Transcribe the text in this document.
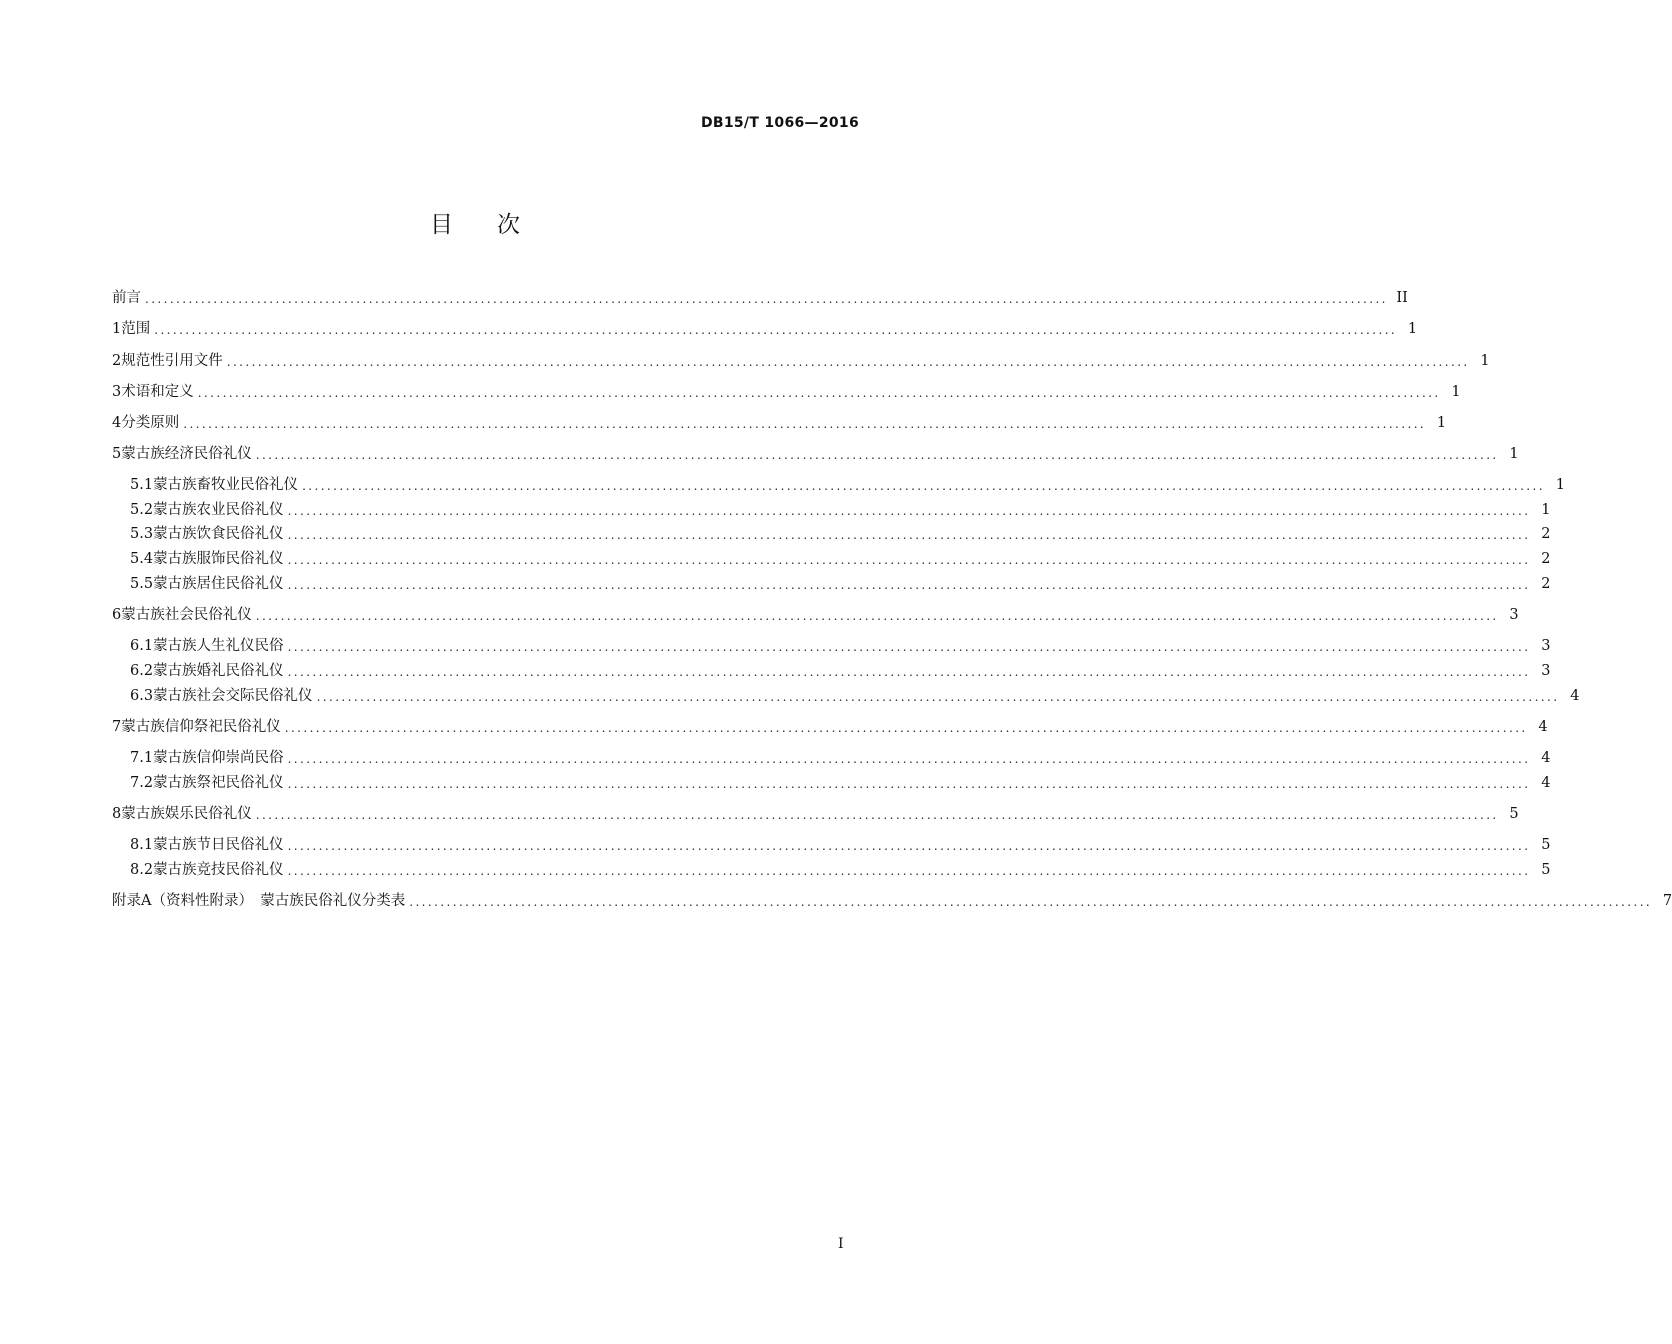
DB15/T 1066—2016
目次
前言 ........................................................................................................................................................................................................ II
1 范围 ........................................................................................................................................................................................................ 1
2 规范性引用文件 ........................................................................................................................................................................................................ 1
3 术语和定义 ........................................................................................................................................................................................................ 1
4 分类原则 ........................................................................................................................................................................................................ 1
5 蒙古族经济民俗礼仪 ........................................................................................................................................................................................................ 1
5.1 蒙古族畜牧业民俗礼仪 ........................................................................................................................................................................................................ 1
5.2 蒙古族农业民俗礼仪 ........................................................................................................................................................................................................ 1
5.3 蒙古族饮食民俗礼仪 ........................................................................................................................................................................................................ 2
5.4 蒙古族服饰民俗礼仪 ........................................................................................................................................................................................................ 2
5.5 蒙古族居住民俗礼仪 ........................................................................................................................................................................................................ 2
6 蒙古族社会民俗礼仪 ........................................................................................................................................................................................................ 3
6.1 蒙古族人生礼仪民俗 ........................................................................................................................................................................................................ 3
6.2 蒙古族婚礼民俗礼仪 ........................................................................................................................................................................................................ 3
6.3 蒙古族社会交际民俗礼仪 ........................................................................................................................................................................................................ 4
7 蒙古族信仰祭祀民俗礼仪 ........................................................................................................................................................................................................ 4
7.1 蒙古族信仰崇尚民俗 ........................................................................................................................................................................................................ 4
7.2 蒙古族祭祀民俗礼仪 ........................................................................................................................................................................................................ 4
8 蒙古族娱乐民俗礼仪 ........................................................................................................................................................................................................ 5
8.1 蒙古族节日民俗礼仪 ........................................................................................................................................................................................................ 5
8.2 蒙古族竞技民俗礼仪 ........................................................................................................................................................................................................ 5
附录A（资料性附录）　蒙古族民俗礼仪分类表 ........................................................................................................................................................................................................ 7
I
